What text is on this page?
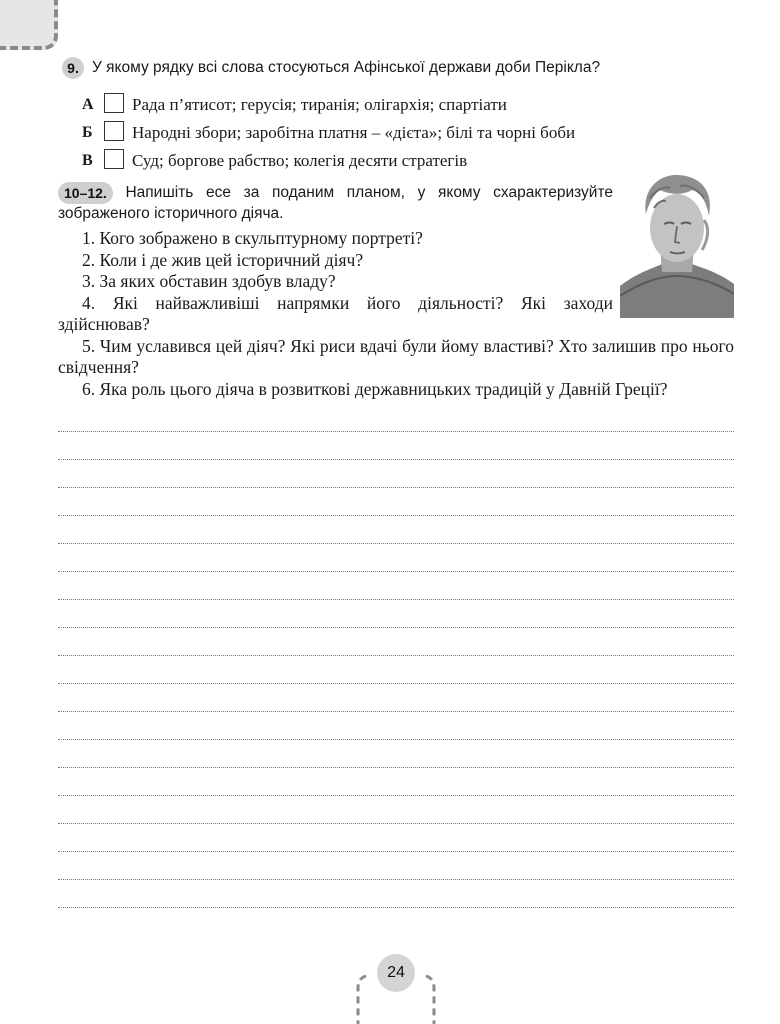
9. У якому рядку всі слова стосуються Афінської держави доби Перікла?
А	Рада п’ятисот; герусія; тиранія; олігархія; спартіати
Б	Народні збори; заробітна платня – «дієта»; білі та чорні боби
В	Суд; боргове рабство; колегія десяти стратегів
10–12. Напишіть есе за поданим планом, у якому схарактеризуйте зображеного історичного діяча.
1. Кого зображено в скульптурному портреті?
2. Коли і де жив цей історичний діяч?
3. За яких обставин здобув владу?
4. Які найважливіші напрямки його діяльності? Які заходи здійснював?
5. Чим уславився цей діяч? Які риси вдачі були йому властиві? Хто залишив про нього свідчення?
6. Яка роль цього діяча в розвиткові державницьких традицій у Давній Греції?
24
